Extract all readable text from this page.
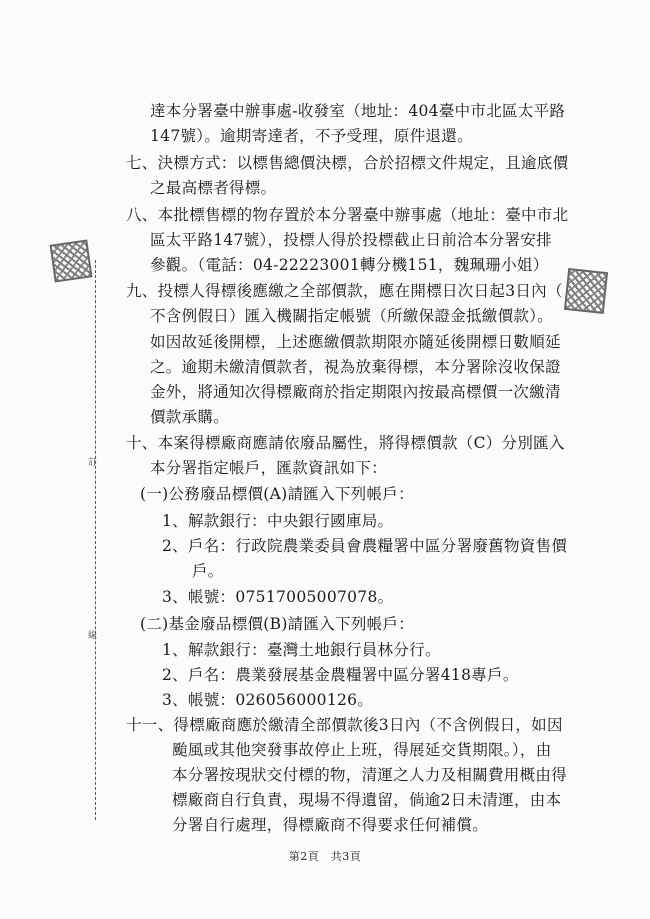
訂
線
達本分署臺中辦事處-收發室（地址：404臺中市北區太平路
147號）。逾期寄達者，不予受理，原件退還。
七、決標方式：以標售總價決標，合於招標文件規定，且逾底價
之最高標者得標。
八、本批標售標的物存置於本分署臺中辦事處（地址：臺中市北
區太平路147號），投標人得於投標截止日前洽本分署安排
參觀。（電話：04-22223001轉分機151，魏珮珊小姐）
九、投標人得標後應繳之全部價款，應在開標日次日起3日內（
不含例假日）匯入機關指定帳號（所繳保證金抵繳價款）。
如因故延後開標，上述應繳價款期限亦隨延後開標日數順延
之。逾期未繳清價款者，視為放棄得標，本分署除沒收保證
金外，將通知次得標廠商於指定期限內按最高標價一次繳清
價款承購。
十、本案得標廠商應請依廢品屬性，將得標價款（C）分別匯入
本分署指定帳戶，匯款資訊如下：
(一)公務廢品標價(A)請匯入下列帳戶：
1、解款銀行：中央銀行國庫局。
2、戶名：行政院農業委員會農糧署中區分署廢舊物資售價
戶。
3、帳號：07517005007078。
(二)基金廢品標價(B)請匯入下列帳戶：
1、解款銀行：臺灣土地銀行員林分行。
2、戶名：農業發展基金農糧署中區分署418專戶。
3、帳號：026056000126。
十一、得標廠商應於繳清全部價款後3日內（不含例假日，如因
颱風或其他突發事故停止上班，得展延交貨期限。），由
本分署按現狀交付標的物，清運之人力及相關費用概由得
標廠商自行負責，現場不得遺留，倘逾2日未清運，由本
分署自行處理，得標廠商不得要求任何補償。
第2頁　共3頁
